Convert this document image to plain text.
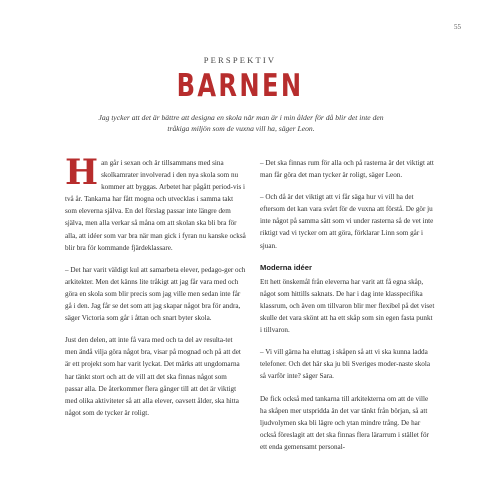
55
PERSPEKTIV
BARNEN
Jag tycker att det är bättre att designa en skola när man är i min ålder för då blir det inte den tråkiga miljön som de vuxna vill ha, säger Leon.

Han går i sexan och är tillsammans med sina skolkamrater involverad i den nya skola som nu kommer att byggas. Arbetet har pågått period-vis i två år. Tankarna har fått mogna och utvecklas i samma takt som eleverna själva. En del förslag passar inte längre dem själva, men alla verkar så måna om att skolan ska bli bra för alla, att idéer som var bra när man gick i fyran nu kanske också blir bra för kommande fjärdeklassare.

– Det har varit väldigt kul att samarbeta elever, pedago-ger och arkitekter. Men det känns lite tråkigt att jag får vara med och göra en skola som blir precis som jag ville men sedan inte får gå i den. Jag får se det som att jag skapar något bra för andra, säger Victoria som går i åttan och snart byter skola.

Just den delen, att inte få vara med och ta del av resulta-tet men ändå vilja göra något bra, visar på mognad och på att det är ett projekt som har varit lyckat. Det märks att ungdomarna har tänkt stort och att de vill att det ska finnas något som passar alla. De återkommer flera gånger till att det är viktigt med olika aktiviteter så att alla elever, oavsett ålder, ska hitta något som de tycker är roligt.

– Det ska finnas rum för alla och på rasterna är det viktigt att man får göra det man tycker är roligt, säger Leon.

– Och då är det viktigt att vi får säga hur vi vill ha det eftersom det kan vara svårt för de vuxna att förstå. De gör ju inte något på samma sätt som vi under rasterna så de vet inte riktigt vad vi tycker om att göra, förklarar Linn som går i sjuan.

Moderna idéer

Ett hett önskemål från eleverna har varit att få egna skåp, något som hittills saknats. De har i dag inte klasspecifika klassrum, och även om tillvaron blir mer flexibel på det viset skulle det vara skönt att ha ett skåp som sin egen fasta punkt i tillvaron.

– Vi vill gärna ha eluttag i skåpen så att vi ska kunna ladda telefoner. Och det här ska ju bli Sveriges moder-naste skola så varför inte? säger Sara.

De fick också med tankarna till arkitekterna om att de ville ha skåpen mer utspridda än det var tänkt från början, så att ljudvolymen ska bli lägre och ytan mindre trång. De har också föreslagit att det ska finnas flera lärarrum i stället för ett enda gemensamt personal-
